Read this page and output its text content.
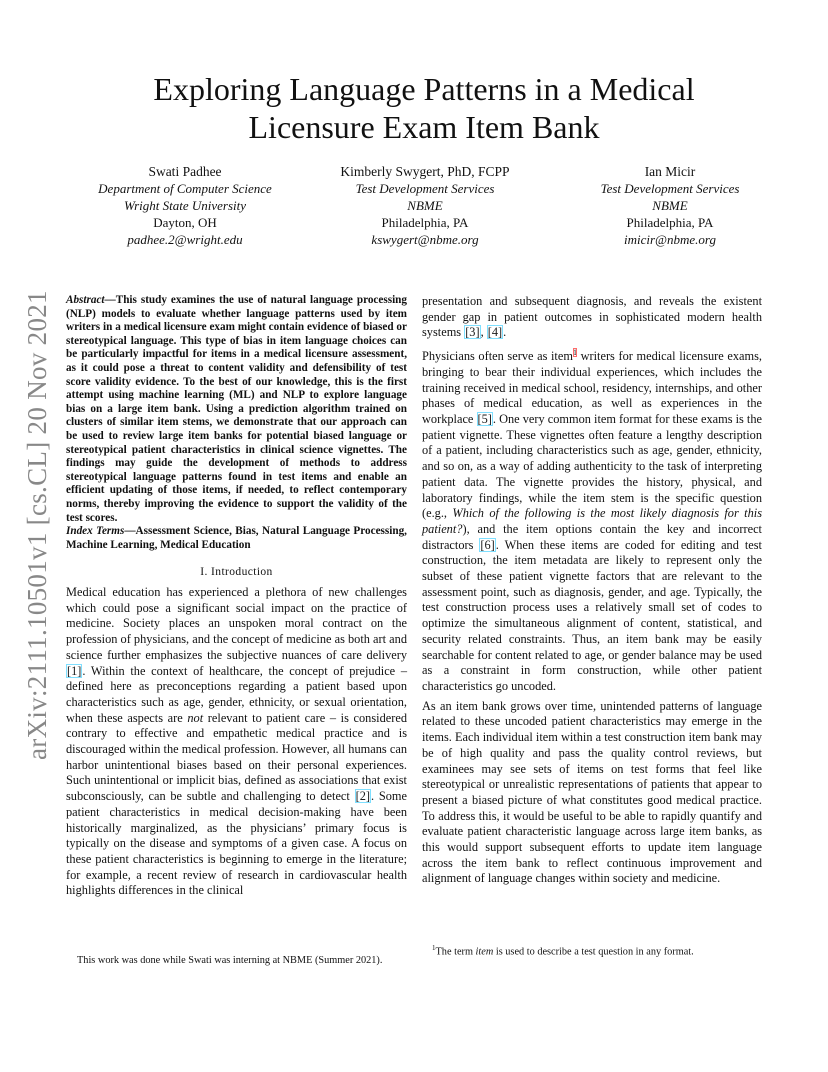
arXiv:2111.10501v1 [cs.CL] 20 Nov 2021
Exploring Language Patterns in a Medical Licensure Exam Item Bank
Swati Padhee
Department of Computer Science
Wright State University
Dayton, OH
padhee.2@wright.edu
Kimberly Swygert, PhD, FCPP
Test Development Services
NBME
Philadelphia, PA
kswygert@nbme.org
Ian Micir
Test Development Services
NBME
Philadelphia, PA
imicir@nbme.org

Abstract—This study examines the use of natural language processing (NLP) models to evaluate whether language patterns used by item writers in a medical licensure exam might contain evidence of biased or stereotypical language. This type of bias in item language choices can be particularly impactful for items in a medical licensure assessment, as it could pose a threat to content validity and defensibility of test score validity evidence. To the best of our knowledge, this is the first attempt using machine learning (ML) and NLP to explore language bias on a large item bank. Using a prediction algorithm trained on clusters of similar item stems, we demonstrate that our approach can be used to review large item banks for potential biased language or stereotypical patient characteristics in clinical science vignettes. The findings may guide the development of methods to address stereotypical language patterns found in test items and enable an efficient updating of those items, if needed, to reflect contemporary norms, thereby improving the evidence to support the validity of the test scores.

Index Terms—Assessment Science, Bias, Natural Language Processing, Machine Learning, Medical Education

I. Introduction

Medical education has experienced a plethora of new challenges which could pose a significant social impact on the practice of medicine. Society places an unspoken moral contract on the profession of physicians, and the concept of medicine as both art and science further emphasizes the subjective nuances of care delivery [1]. Within the context of healthcare, the concept of prejudice – defined here as preconceptions regarding a patient based upon characteristics such as age, gender, ethnicity, or sexual orientation, when these aspects are not relevant to patient care – is considered contrary to effective and empathetic medical practice and is discouraged within the medical profession. However, all humans can harbor unintentional biases based on their personal experiences. Such unintentional or implicit bias, defined as associations that exist subconsciously, can be subtle and challenging to detect [2]. Some patient characteristics in medical decision-making have been historically marginalized, as the physicians’ primary focus is typically on the disease and symptoms of a given case. A focus on these patient characteristics is beginning to emerge in the literature; for example, a recent review of research in cardiovascular health highlights differences in the clinical

presentation and subsequent diagnosis, and reveals the existent gender gap in patient outcomes in sophisticated modern health systems [3], [4].

Physicians often serve as item$^1$ writers for medical licensure exams, bringing to bear their individual experiences, which includes the training received in medical school, residency, internships, and other phases of medical education, as well as experiences in the workplace [5]. One very common item format for these exams is the patient vignette. These vignettes often feature a lengthy description of a patient, including characteristics such as age, gender, ethnicity, and so on, as a way of adding authenticity to the task of interpreting patient data. The vignette provides the history, physical, and laboratory findings, while the item stem is the specific question (e.g., Which of the following is the most likely diagnosis for this patient?), and the item options contain the key and incorrect distractors [6]. When these items are coded for editing and test construction, the item metadata are likely to represent only the subset of these patient vignette factors that are relevant to the assessment point, such as diagnosis, gender, and age. Typically, the test construction process uses a relatively small set of codes to optimize the simultaneous alignment of content, statistical, and security related constraints. Thus, an item bank may be easily searchable for content related to age, or gender balance may be used as a constraint in form construction, while other patient characteristics go uncoded.

As an item bank grows over time, unintended patterns of language related to these uncoded patient characteristics may emerge in the items. Each individual item within a test construction item bank may be of high quality and pass the quality control reviews, but examinees may see sets of items on test forms that feel like stereotypical or unrealistic representations of patients that appear to present a biased picture of what constitutes good medical practice. To address this, it would be useful to be able to rapidly quantify and evaluate patient characteristic language across large item banks, as this would support subsequent efforts to update item language across the item bank to reflect continuous improvement and alignment of language changes within society and medicine.

This work was done while Swati was interning at NBME (Summer 2021).
$^1$The term item is used to describe a test question in any format.
